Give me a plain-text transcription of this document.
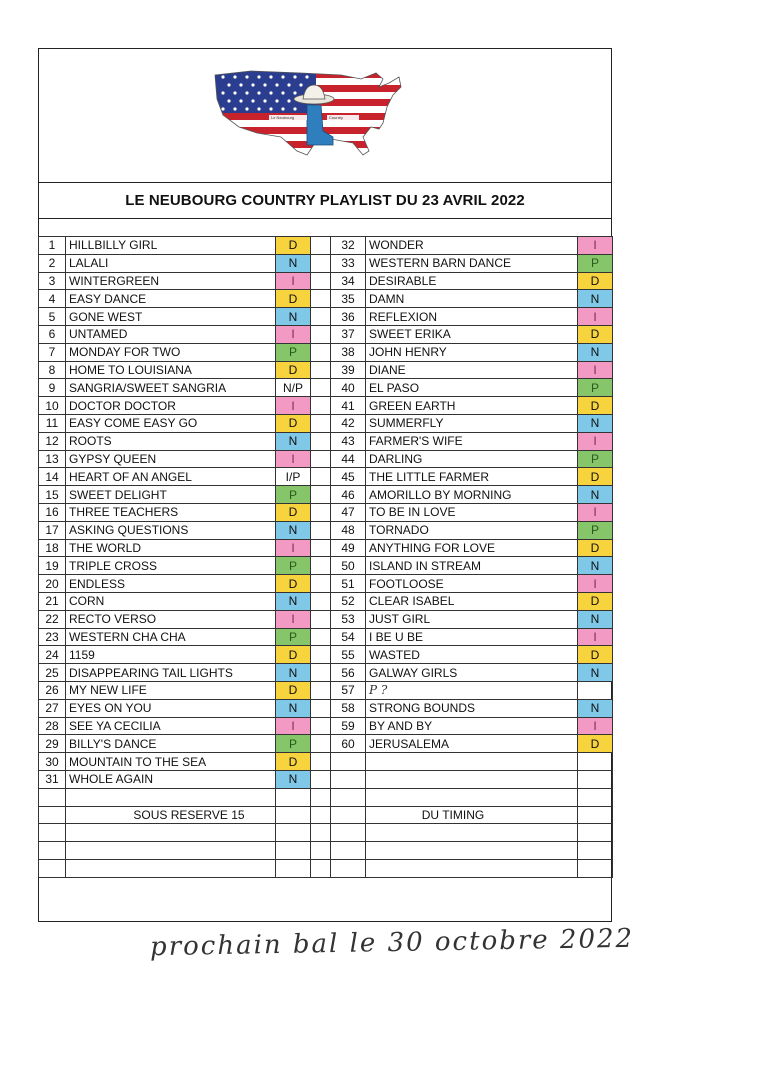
Le Neubourg	Country
LE NEUBOURG COUNTRY PLAYLIST DU 23 AVRIL 2022
1	HILLBILLY GIRL	D		32	WONDER	I
2	LALALI	N		33	WESTERN BARN DANCE	P
3	WINTERGREEN	I		34	DESIRABLE	D
4	EASY DANCE	D		35	DAMN	N
5	GONE WEST	N		36	REFLEXION	I
6	UNTAMED	I		37	SWEET ERIKA	D
7	MONDAY FOR TWO	P		38	JOHN HENRY	N
8	HOME TO LOUISIANA	D		39	DIANE	I
9	SANGRIA/SWEET SANGRIA	N/P		40	EL PASO	P
10	DOCTOR DOCTOR	I		41	GREEN EARTH	D
11	EASY COME EASY GO	D		42	SUMMERFLY	N
12	ROOTS	N		43	FARMER'S WIFE	I
13	GYPSY QUEEN	I		44	DARLING	P
14	HEART OF AN ANGEL	I/P		45	THE LITTLE FARMER	D
15	SWEET DELIGHT	P		46	AMORILLO BY MORNING	N
16	THREE TEACHERS	D		47	TO BE IN LOVE	I
17	ASKING QUESTIONS	N		48	TORNADO	P
18	THE WORLD	I		49	ANYTHING FOR LOVE	D
19	TRIPLE CROSS	P		50	ISLAND IN STREAM	N
20	ENDLESS	D		51	FOOTLOOSE	I
21	CORN	N		52	CLEAR ISABEL	D
22	RECTO VERSO	I		53	JUST GIRL	N
23	WESTERN CHA CHA	P		54	I BE U BE	I
24	1159	D		55	WASTED	D
25	DISAPPEARING TAIL LIGHTS	N		56	GALWAY GIRLS	N
26	MY NEW LIFE	D		57	P ?	
27	EYES ON YOU	N		58	STRONG BOUNDS	N
28	SEE YA CECILIA	I		59	BY AND BY	I
29	BILLY'S DANCE	P		60	JERUSALEMA	D
30	MOUNTAIN TO THE SEA	D				
31	WHOLE AGAIN	N				

	SOUS RESERVE 15				DU TIMING	

prochain bal le 30 octobre 2022
